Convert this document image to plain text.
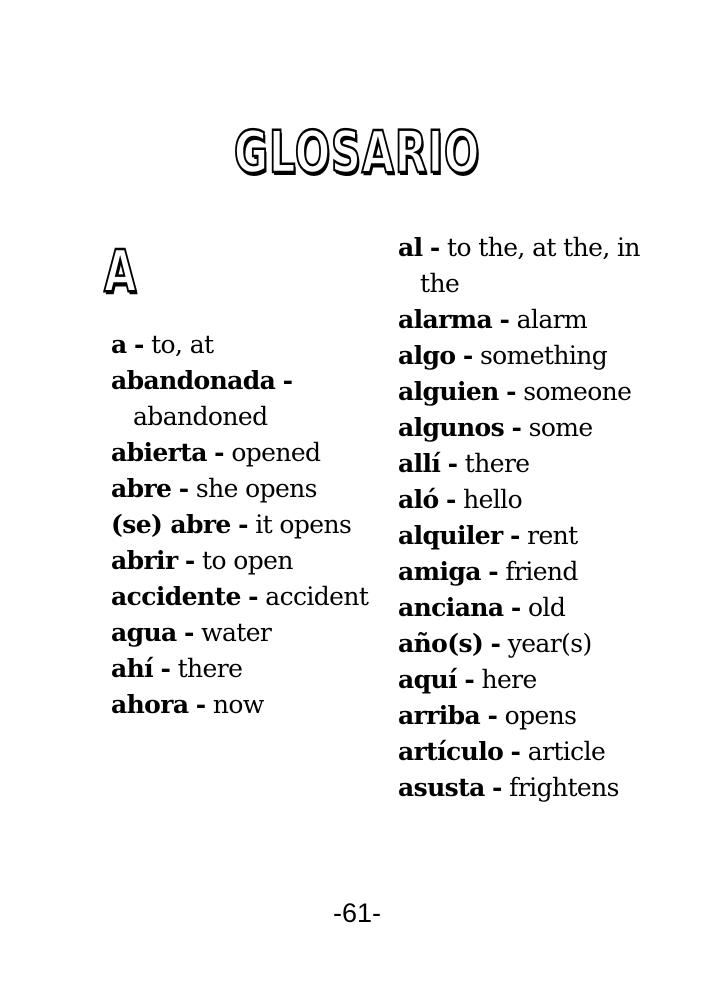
GLOSARIO
A
a - to, at
abandonada - abandoned
abierta - opened
abre - she opens
(se) abre - it opens
abrir - to open
accidente - accident
agua - water
ahí - there
ahora - now
al - to the, at the, in the
alarma - alarm
algo - something
alguien - someone
algunos - some
allí - there
aló - hello
alquiler - rent
amiga - friend
anciana - old
año(s) - year(s)
aquí - here
arriba - opens
artículo - article
asusta - frightens
-61-
